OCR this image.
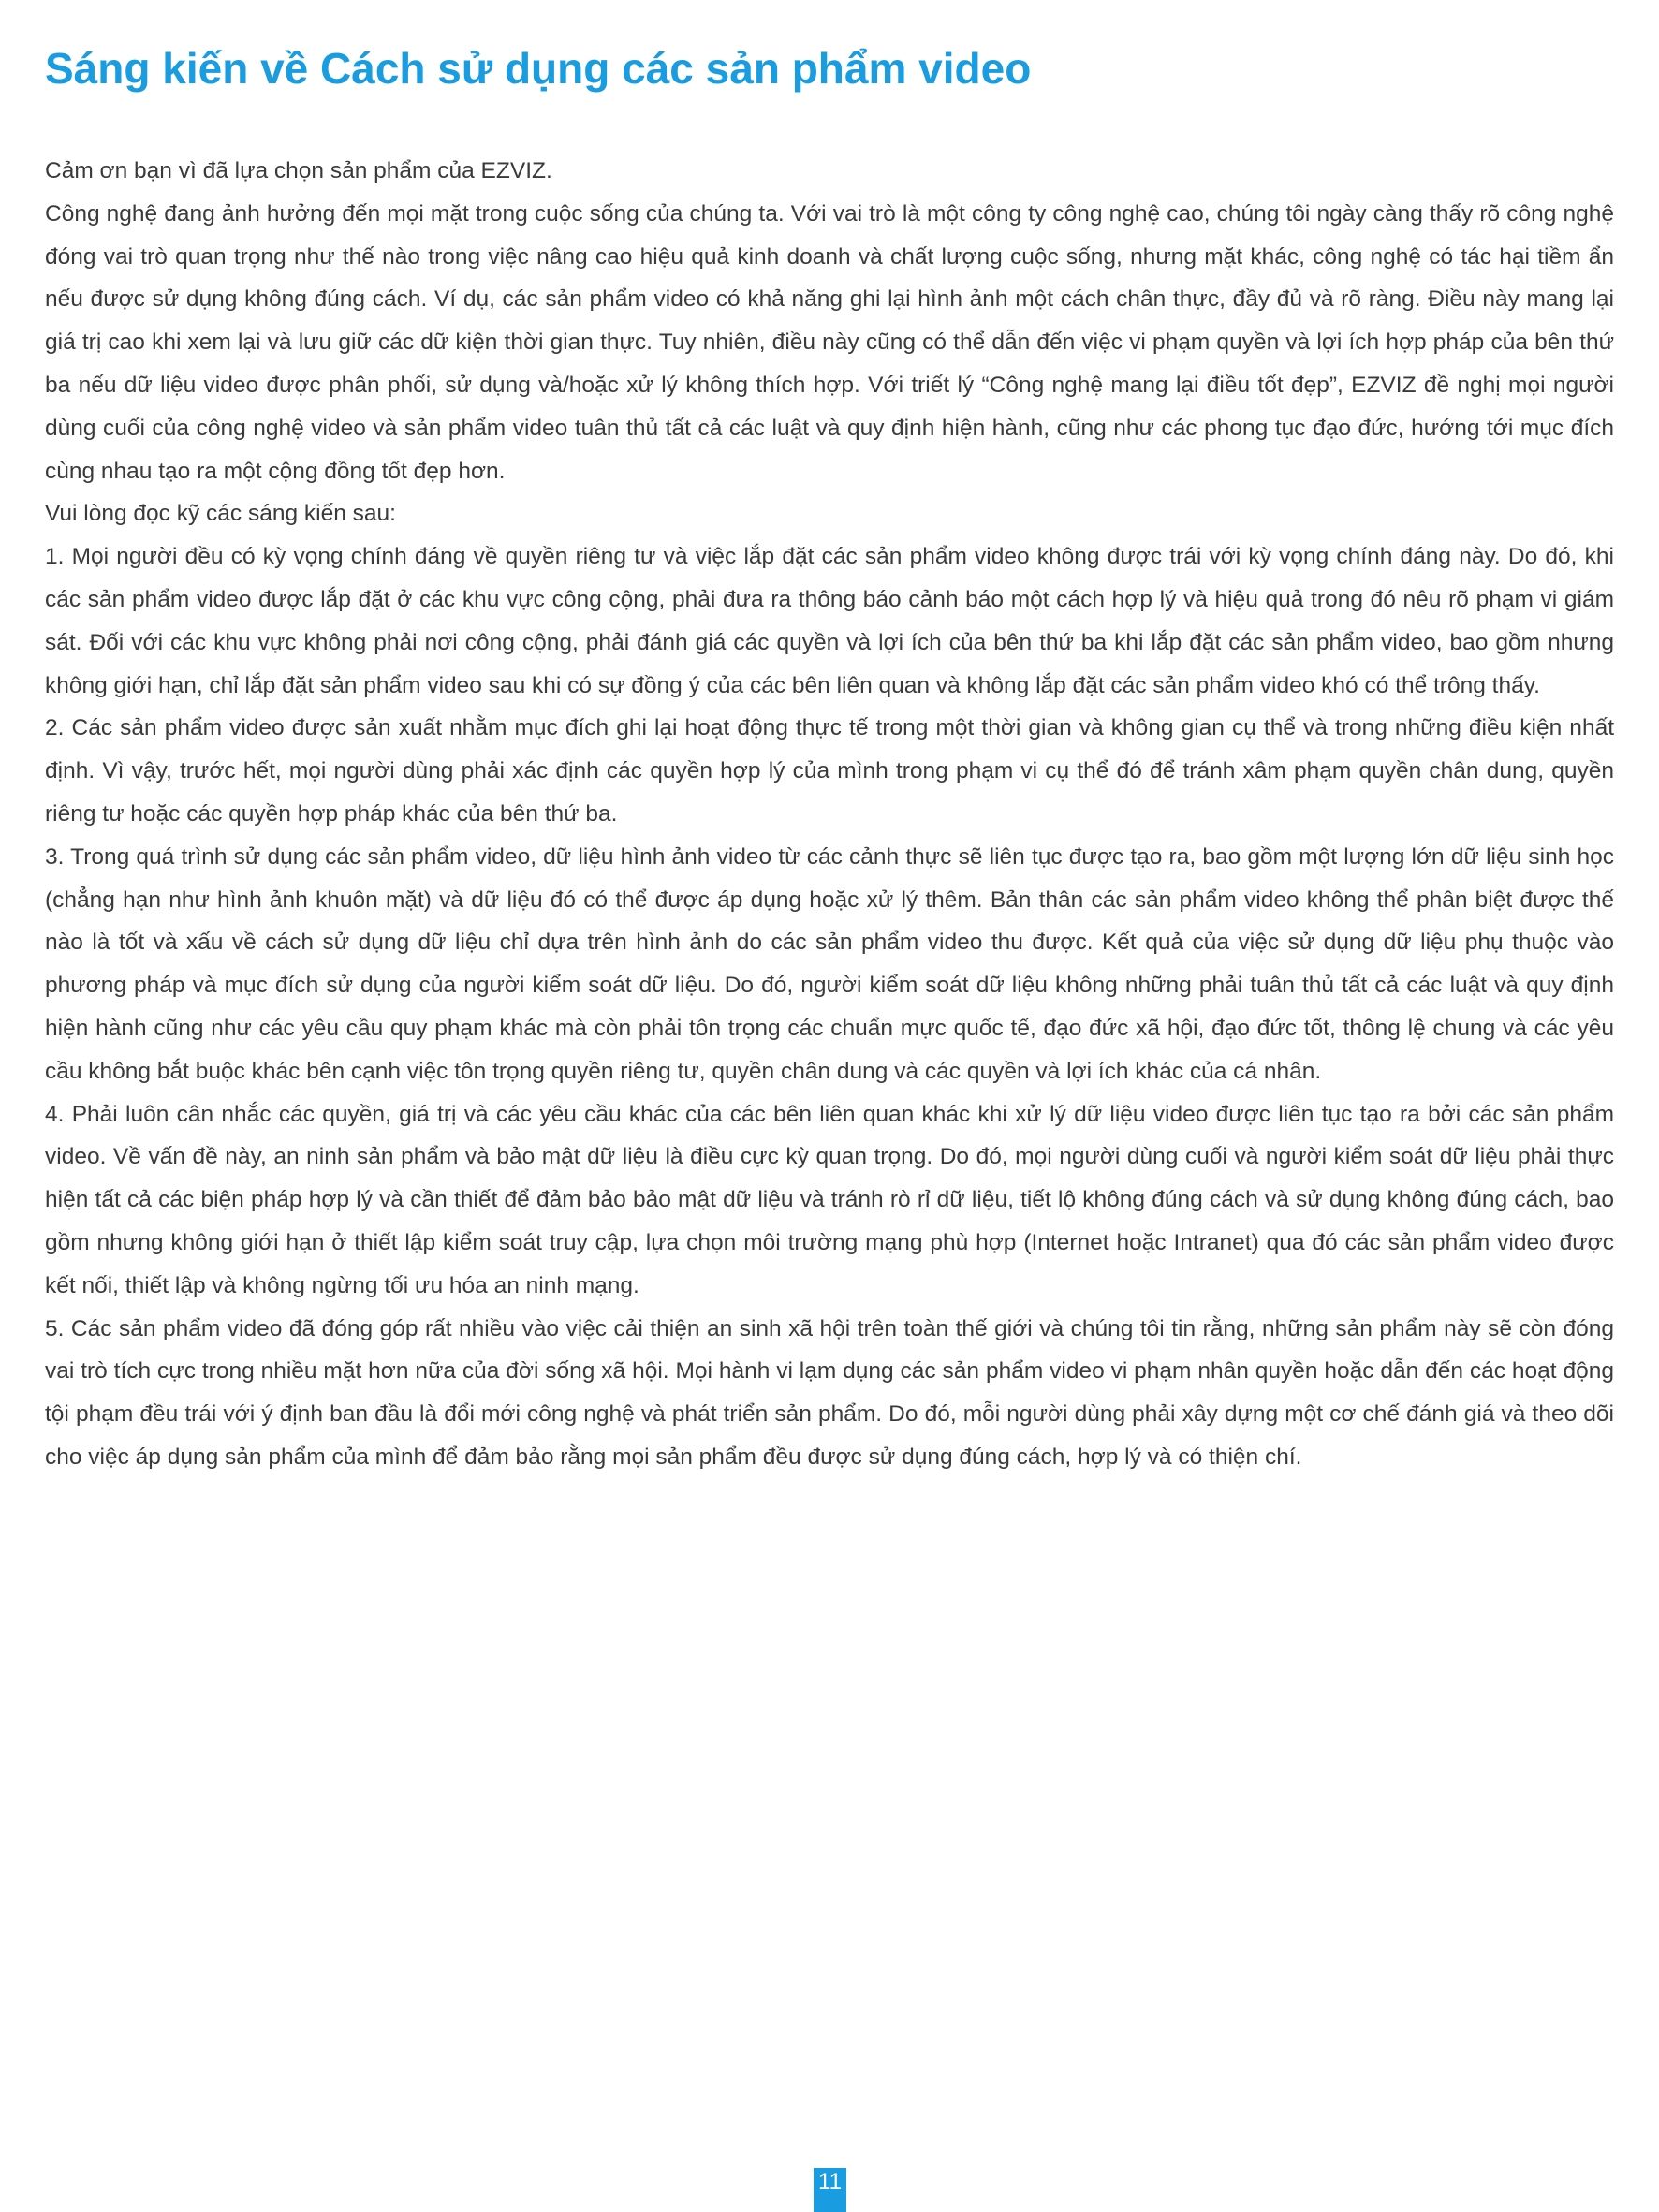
Sáng kiến về Cách sử dụng các sản phẩm video

Cảm ơn bạn vì đã lựa chọn sản phẩm của EZVIZ.

Công nghệ đang ảnh hưởng đến mọi mặt trong cuộc sống của chúng ta. Với vai trò là một công ty công nghệ cao, chúng tôi ngày càng thấy rõ công nghệ đóng vai trò quan trọng như thế nào trong việc nâng cao hiệu quả kinh doanh và chất lượng cuộc sống, nhưng mặt khác, công nghệ có tác hại tiềm ẩn nếu được sử dụng không đúng cách. Ví dụ, các sản phẩm video có khả năng ghi lại hình ảnh một cách chân thực, đầy đủ và rõ ràng. Điều này mang lại giá trị cao khi xem lại và lưu giữ các dữ kiện thời gian thực. Tuy nhiên, điều này cũng có thể dẫn đến việc vi phạm quyền và lợi ích hợp pháp của bên thứ ba nếu dữ liệu video được phân phối, sử dụng và/hoặc xử lý không thích hợp. Với triết lý “Công nghệ mang lại điều tốt đẹp”, EZVIZ đề nghị mọi người dùng cuối của công nghệ video và sản phẩm video tuân thủ tất cả các luật và quy định hiện hành, cũng như các phong tục đạo đức, hướng tới mục đích cùng nhau tạo ra một cộng đồng tốt đẹp hơn.

Vui lòng đọc kỹ các sáng kiến sau:

1. Mọi người đều có kỳ vọng chính đáng về quyền riêng tư và việc lắp đặt các sản phẩm video không được trái với kỳ vọng chính đáng này. Do đó, khi các sản phẩm video được lắp đặt ở các khu vực công cộng, phải đưa ra thông báo cảnh báo một cách hợp lý và hiệu quả trong đó nêu rõ phạm vi giám sát. Đối với các khu vực không phải nơi công cộng, phải đánh giá các quyền và lợi ích của bên thứ ba khi lắp đặt các sản phẩm video, bao gồm nhưng không giới hạn, chỉ lắp đặt sản phẩm video sau khi có sự đồng ý của các bên liên quan và không lắp đặt các sản phẩm video khó có thể trông thấy.

2. Các sản phẩm video được sản xuất nhằm mục đích ghi lại hoạt động thực tế trong một thời gian và không gian cụ thể và trong những điều kiện nhất định. Vì vậy, trước hết, mọi người dùng phải xác định các quyền hợp lý của mình trong phạm vi cụ thể đó để tránh xâm phạm quyền chân dung, quyền riêng tư hoặc các quyền hợp pháp khác của bên thứ ba.

3. Trong quá trình sử dụng các sản phẩm video, dữ liệu hình ảnh video từ các cảnh thực sẽ liên tục được tạo ra, bao gồm một lượng lớn dữ liệu sinh học (chẳng hạn như hình ảnh khuôn mặt) và dữ liệu đó có thể được áp dụng hoặc xử lý thêm. Bản thân các sản phẩm video không thể phân biệt được thế nào là tốt và xấu về cách sử dụng dữ liệu chỉ dựa trên hình ảnh do các sản phẩm video thu được. Kết quả của việc sử dụng dữ liệu phụ thuộc vào phương pháp và mục đích sử dụng của người kiểm soát dữ liệu. Do đó, người kiểm soát dữ liệu không những phải tuân thủ tất cả các luật và quy định hiện hành cũng như các yêu cầu quy phạm khác mà còn phải tôn trọng các chuẩn mực quốc tế, đạo đức xã hội, đạo đức tốt, thông lệ chung và các yêu cầu không bắt buộc khác bên cạnh việc tôn trọng quyền riêng tư, quyền chân dung và các quyền và lợi ích khác của cá nhân.

4. Phải luôn cân nhắc các quyền, giá trị và các yêu cầu khác của các bên liên quan khác khi xử lý dữ liệu video được liên tục tạo ra bởi các sản phẩm video. Về vấn đề này, an ninh sản phẩm và bảo mật dữ liệu là điều cực kỳ quan trọng. Do đó, mọi người dùng cuối và người kiểm soát dữ liệu phải thực hiện tất cả các biện pháp hợp lý và cần thiết để đảm bảo bảo mật dữ liệu và tránh rò rỉ dữ liệu, tiết lộ không đúng cách và sử dụng không đúng cách, bao gồm nhưng không giới hạn ở thiết lập kiểm soát truy cập, lựa chọn môi trường mạng phù hợp (Internet hoặc Intranet) qua đó các sản phẩm video được kết nối, thiết lập và không ngừng tối ưu hóa an ninh mạng.

5. Các sản phẩm video đã đóng góp rất nhiều vào việc cải thiện an sinh xã hội trên toàn thế giới và chúng tôi tin rằng, những sản phẩm này sẽ còn đóng vai trò tích cực trong nhiều mặt hơn nữa của đời sống xã hội. Mọi hành vi lạm dụng các sản phẩm video vi phạm nhân quyền hoặc dẫn đến các hoạt động tội phạm đều trái với ý định ban đầu là đổi mới công nghệ và phát triển sản phẩm. Do đó, mỗi người dùng phải xây dựng một cơ chế đánh giá và theo dõi cho việc áp dụng sản phẩm của mình để đảm bảo rằng mọi sản phẩm đều được sử dụng đúng cách, hợp lý và có thiện chí.

11
